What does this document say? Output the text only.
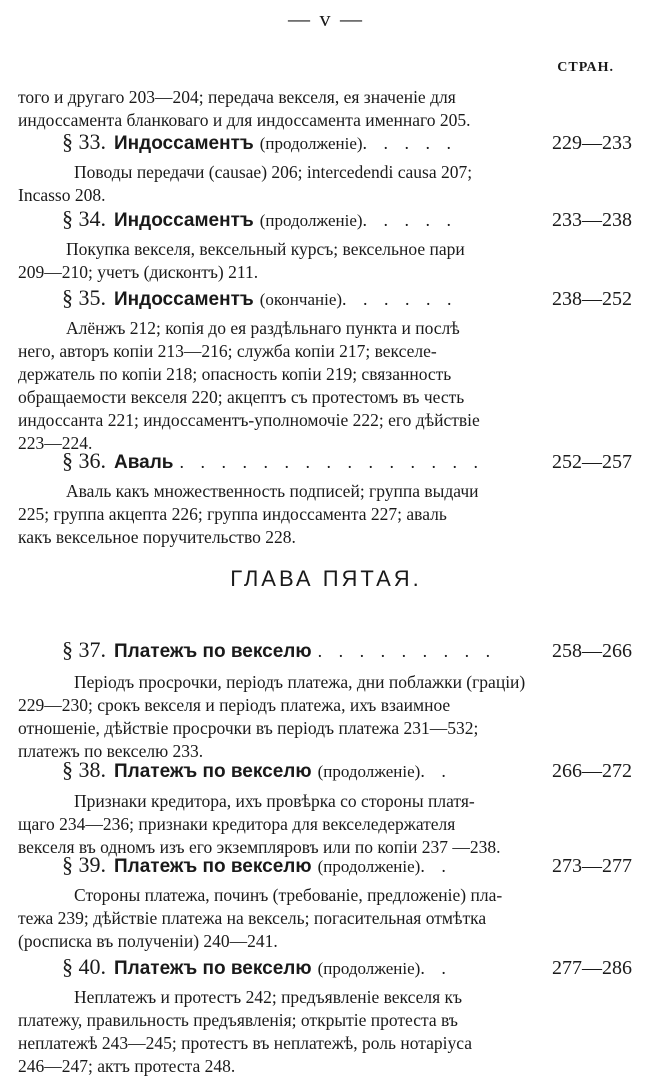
— v —
СТРАН.
того и другаго 203—204; передача векселя, ея значеніе для
индоссамента бланковаго и для индоссамента именнаго 205.
§ 33. Индоссаментъ (продолженіе) . . . . .	229—233
Поводы передачи (causae) 206; intercedendi causa 207;
Incasso 208.
§ 34. Индоссаментъ (продолженіе) . . . . .	233—238
Покупка векселя, вексельный курсъ; вексельное пари
209—210; учетъ (дисконтъ) 211.
§ 35. Индоссаментъ (окончаніе) . . . . . .	238—252
Алёнжъ 212; копія до ея раздѣльнаго пункта и послѣ
него, авторъ копіи 213—216; служба копіи 217; векселе-
держатель по копіи 218; опасность копіи 219; связанность
обращаемости векселя 220; акцептъ съ протестомъ въ честь
индоссанта 221; индоссаментъ-уполномочіе 222; его дѣйствіе
223—224.
§ 36. Аваль . . . . . . . . . . . . . . .	252—257
Аваль какъ множественность подписей; группа выдачи
225; группа акцепта 226; группа индоссамента 227; аваль
какъ вексельное поручительство 228.
ГЛАВА ПЯТАЯ.
§ 37. Платежъ по векселю . . . . . . . . .	258—266
Періодъ просрочки, періодъ платежа, дни поблажки (граціи)
229—230; срокъ векселя и періодъ платежа, ихъ взаимное
отношеніе, дѣйствіе просрочки въ періодъ платежа 231—532;
платежъ по векселю 233.
§ 38. Платежъ по векселю (продолженіе) . .	266—272
Признаки кредитора, ихъ провѣрка со стороны платя-
щаго 234—236; признаки кредитора для векселедержателя
векселя въ одномъ изъ его экземпляровъ или по копіи 237 —238.
§ 39. Платежъ по векселю (продолженіе) . .	273—277
Стороны платежа, починъ (требованіе, предложеніе) пла-
тежа 239; дѣйствіе платежа на вексель; погасительная отмѣтка
(росписка въ полученіи) 240—241.
§ 40. Платежъ по векселю (продолженіе) . .	277—286
Неплатежъ и протестъ 242; предъявленіе векселя къ
платежу, правильность предъявленія; открытіе протеста въ
неплатежѣ 243—245; протестъ въ неплатежѣ, роль нотаріуса
246—247; актъ протеста 248.
